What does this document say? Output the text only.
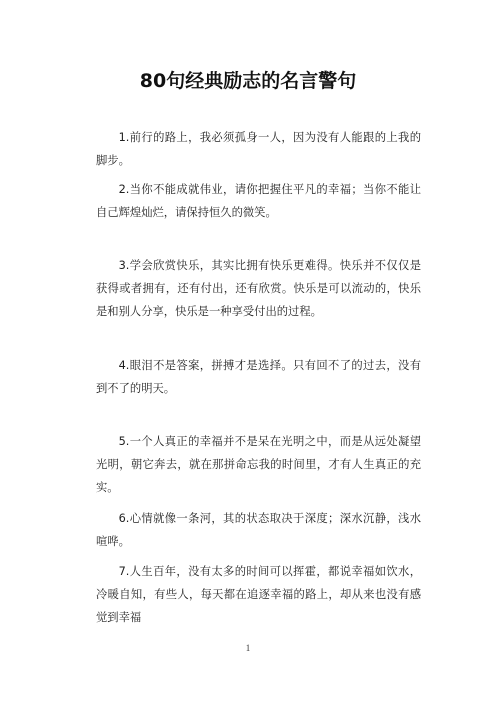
80句经典励志的名言警句

1.前行的路上，我必须孤身一人，因为没有人能跟的上我的脚步。

2.当你不能成就伟业，请你把握住平凡的幸福；当你不能让自己辉煌灿烂，请保持恒久的微笑。

3.学会欣赏快乐，其实比拥有快乐更难得。快乐并不仅仅是获得或者拥有，还有付出，还有欣赏。快乐是可以流动的，快乐是和别人分享，快乐是一种享受付出的过程。

4.眼泪不是答案，拼搏才是选择。只有回不了的过去，没有到不了的明天。

5.一个人真正的幸福并不是呆在光明之中，而是从远处凝望光明，朝它奔去，就在那拼命忘我的时间里，才有人生真正的充实。

6.心情就像一条河，其的状态取决于深度；深水沉静，浅水喧哗。

7.人生百年，没有太多的时间可以挥霍，都说幸福如饮水，冷暖自知，有些人，每天都在追逐幸福的路上，却从来也没有感觉到幸福

1
